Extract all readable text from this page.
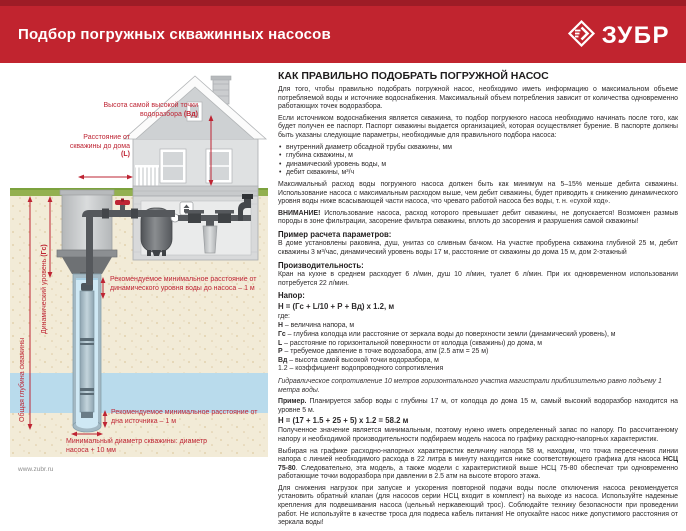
Подбор погружных скважинных насосов	ЗУБР
Высота самой высокой точки водоразбора (Вд)
Расстояние от скважины до дома (L)
Динамический уровень (Гс)
Общая глубина скважины
Рекомендуемое минимальное расстояние от динамического уровня воды до насоса – 1 м
Рекомендуемое минимальное расстояние от дна источника – 1 м
Минимальный диаметр скважины: диаметр насоса + 10 мм
www.zubr.ru
КАК ПРАВИЛЬНО ПОДОБРАТЬ ПОГРУЖНОЙ НАСОС

Для того, чтобы правильно подобрать погружной насос, необходимо иметь информацию о максимальном объеме потребляемой воды и источнике водоснабжения. Максимальный объем потребления зависит от количества одновременно работающих точек водоразбора.

Если источником водоснабжения является скважина, то подбор погружного насоса необходимо начинать после того, как будет получен ее паспорт. Паспорт скважины выдается организацией, которая осуществляет бурение. В паспорте должны быть указаны следующие параметры, необходимые для правильного подбора насоса:

• внутренний диаметр обсадной трубы скважины, мм
• глубина скважины, м
• динамический уровень воды, м
• дебит скважины, м³/ч

Максимальный расход воды погружного насоса должен быть как минимум на 5–15% меньше дебита скважины. Использование насоса с максимальным расходом выше, чем дебит скважины, будет приводить к снижению динамического уровня воды ниже всасывающей части насоса, что чревато работой насоса без воды, т. н. «сухой ход».

ВНИМАНИЕ! Использование насоса, расход которого превышает дебит скважины, не допускается! Возможен размыв породы в зоне фильтрации, засорение фильтра скважины, вплоть до засорения и разрушения самой скважины!

Пример расчета параметров:

В доме установлены раковина, душ, унитаз со сливным бачком. На участке пробурена скважина глубиной 25 м, дебит скважины 3 м³/час, динамический уровень воды 17 м, расстояние от скважины до дома 15 м, дом 2-этажный

Производительность:

Кран на кухне в среднем расходует 6 л/мин, душ 10 л/мин, туалет 6 л/мин. При их одновременном использовании потребуется 22 л/мин.

Напор:
Н = (Гс + L/10 + Р + Вд) x 1.2, м
где:
Н – величина напора, м
Гс – глубина колодца или расстояние от зеркала воды до поверхности земли (динамический уровень), м
L – расстояние по горизонтальной поверхности от колодца (скважины) до дома, м
Р – требуемое давление в точке водозабора, атм (2.5 атм = 25 м)
Вд – высота самой высокой точки водоразбора, м
1.2 – коэффициент водопроводного сопротивления
Гидравлическое сопротивление 10 метров горизонтального участка магистрали приблизительно равно подъему 1 метра воды.

Пример. Планируется забор воды с глубины 17 м, от колодца до дома 15 м, самый высокий водоразбор находится на уровне 5 м.

Н = (17 + 1.5 + 25 + 5) x 1.2 = 58.2 м

Полученное значение является минимальным, поэтому нужно иметь определенный запас по напору. По рассчитанному напору и необходимой производительности подбираем модель насоса по графику расходно-напорных характеристик.

Выбирая на графике расходно-напорных характеристик величину напора 58 м, находим, что точка пересечения линии напора с линией необходимого расхода в 22 литра в минуту находится ниже соответствующего графика для насоса НСЦ 75-80. Следовательно, эта модель, а также модели с характеристикой выше НСЦ 75-80 обеспечат три одновременно работающие точки водоразбора при давлении в 2.5 атм на высоте второго этажа.

Для снижения нагрузок при запуске и ускорения повторной подачи воды после отключения насоса рекомендуется установить обратный клапан (для насосов серии НСЦ входит в комплект) на выходе из насоса. Используйте надежные крепления для подвешивания насоса (цельный нержавеющий трос). Соблюдайте технику безопасности при проведении работ. Не используйте в качестве троса для подвеса кабель питания! Не опускайте насос ниже допустимого расстояния от зеркала воды!
